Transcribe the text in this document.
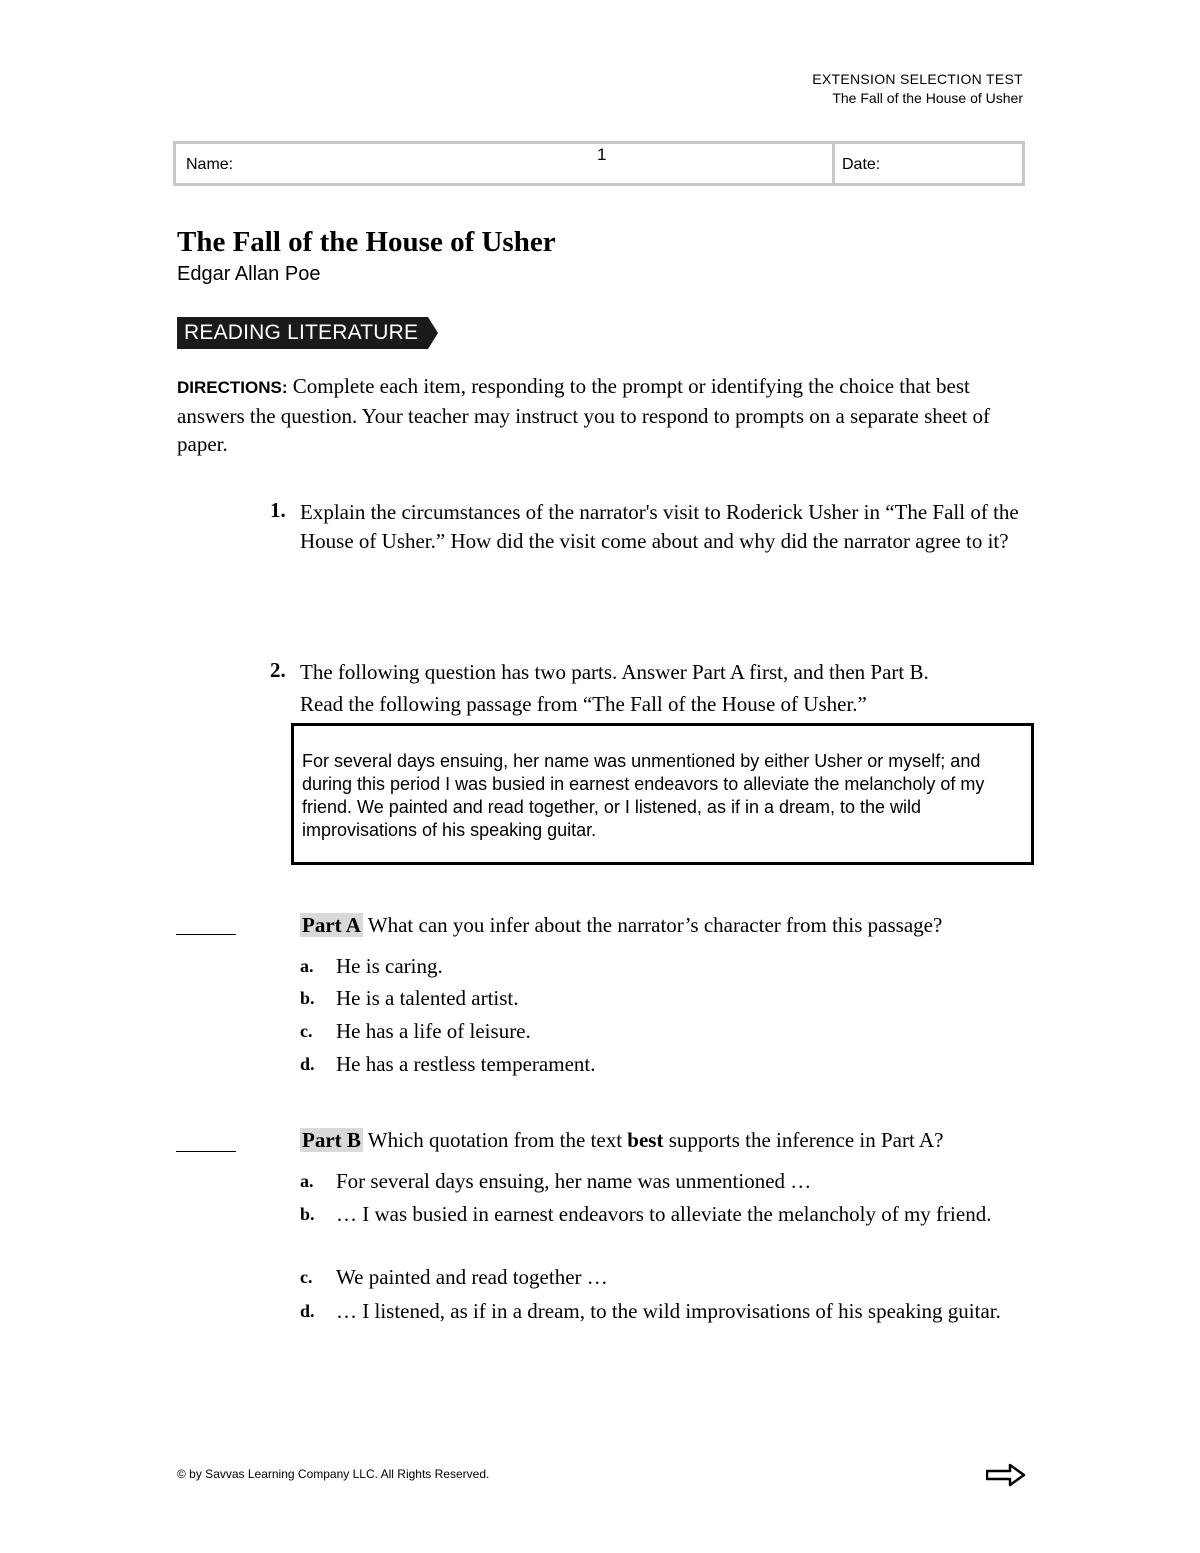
EXTENSION SELECTION TEST
The Fall of the House of Usher
Name:
1
Date:
The Fall of the House of Usher
Edgar Allan Poe
READING LITERATURE
DIRECTIONS: Complete each item, responding to the prompt or identifying the choice that best answers the question. Your teacher may instruct you to respond to prompts on a separate sheet of paper.
1. Explain the circumstances of the narrator's visit to Roderick Usher in “The Fall of the House of Usher.” How did the visit come about and why did the narrator agree to it?
2. The following question has two parts. Answer Part A first, and then Part B.
Read the following passage from “The Fall of the House of Usher.”
For several days ensuing, her name was unmentioned by either Usher or myself; and during this period I was busied in earnest endeavors to alleviate the melancholy of my friend. We painted and read together, or I listened, as if in a dream, to the wild improvisations of his speaking guitar.
Part A What can you infer about the narrator’s character from this passage?
a. He is caring.
b. He is a talented artist.
c. He has a life of leisure.
d. He has a restless temperament.
Part B Which quotation from the text best supports the inference in Part A?
a. For several days ensuing, her name was unmentioned …
b. … I was busied in earnest endeavors to alleviate the melancholy of my friend.
c. We painted and read together …
d. … I listened, as if in a dream, to the wild improvisations of his speaking guitar.
© by Savvas Learning Company LLC. All Rights Reserved.
